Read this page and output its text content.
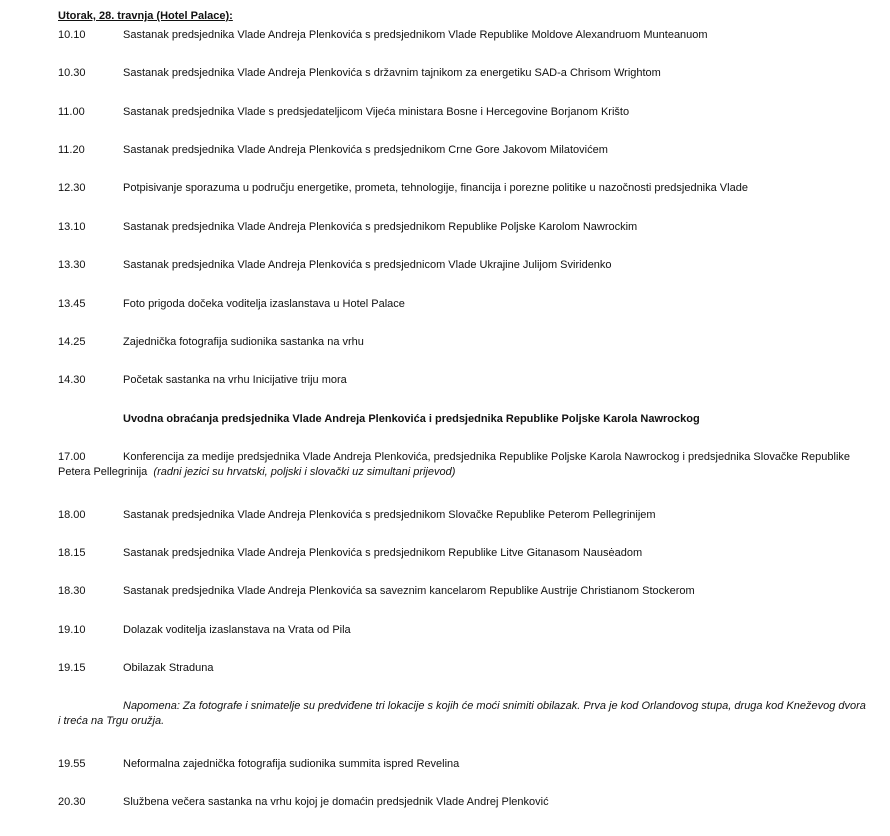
Utorak, 28. travnja (Hotel Palace):
10.10	Sastanak predsjednika Vlade Andreja Plenkovića s predsjednikom Vlade Republike Moldove Alexandruom Munteanuom
10.30	Sastanak predsjednika Vlade Andreja Plenkovića s državnim tajnikom za energetiku SAD-a Chrisom Wrightom
11.00	Sastanak predsjednika Vlade s predsjedateljicom Vijeća ministara Bosne i Hercegovine Borjanom Krišto
11.20	Sastanak predsjednika Vlade Andreja Plenkovića s predsjednikom Crne Gore Jakovom Milatovićem
12.30	Potpisivanje sporazuma u području energetike, prometa, tehnologije, financija i porezne politike u nazočnosti predsjednika Vlade
13.10	Sastanak predsjednika Vlade Andreja Plenkovića s predsjednikom Republike Poljske Karolom Nawrockim
13.30	Sastanak predsjednika Vlade Andreja Plenkovića s predsjednicom Vlade Ukrajine Julijom Sviridenko
13.45	Foto prigoda dočeka voditelja izaslanstava u Hotel Palace
14.25	Zajednička fotografija sudionika sastanka na vrhu
14.30	Početak sastanka na vrhu Inicijative triju mora
Uvodna obraćanja predsjednika Vlade Andreja Plenkovića i predsjednika Republike Poljske Karola Nawrockog
17.00	Konferencija za medije predsjednika Vlade Andreja Plenkovića, predsjednika Republike Poljske Karola Nawrockog i predsjednika Slovačke Republike Petera Pellegrinija (radni jezici su hrvatski, poljski i slovački uz simultani prijevod)
18.00	Sastanak predsjednika Vlade Andreja Plenkovića s predsjednikom Slovačke Republike Peterom Pellegrinijem
18.15	Sastanak predsjednika Vlade Andreja Plenkovića s predsjednikom Republike Litve Gitanasom Nausėadom
18.30	Sastanak predsjednika Vlade Andreja Plenkovića sa saveznim kancelarom Republike Austrije Christianom Stockerom
19.10	Dolazak voditelja izaslanstava na Vrata od Pila
19.15	Obilazak Straduna
Napomena: Za fotografe i snimatelje su predviđene tri lokacije s kojih će moći snimiti obilazak. Prva je kod Orlandovog stupa, druga kod Kneževog dvora i treća na Trgu oružja.
19.55	Neformalna zajednička fotografija sudionika summita ispred Revelina
20.30	Službena večera sastanka na vrhu kojoj je domaćin predsjednik Vlade Andrej Plenković
